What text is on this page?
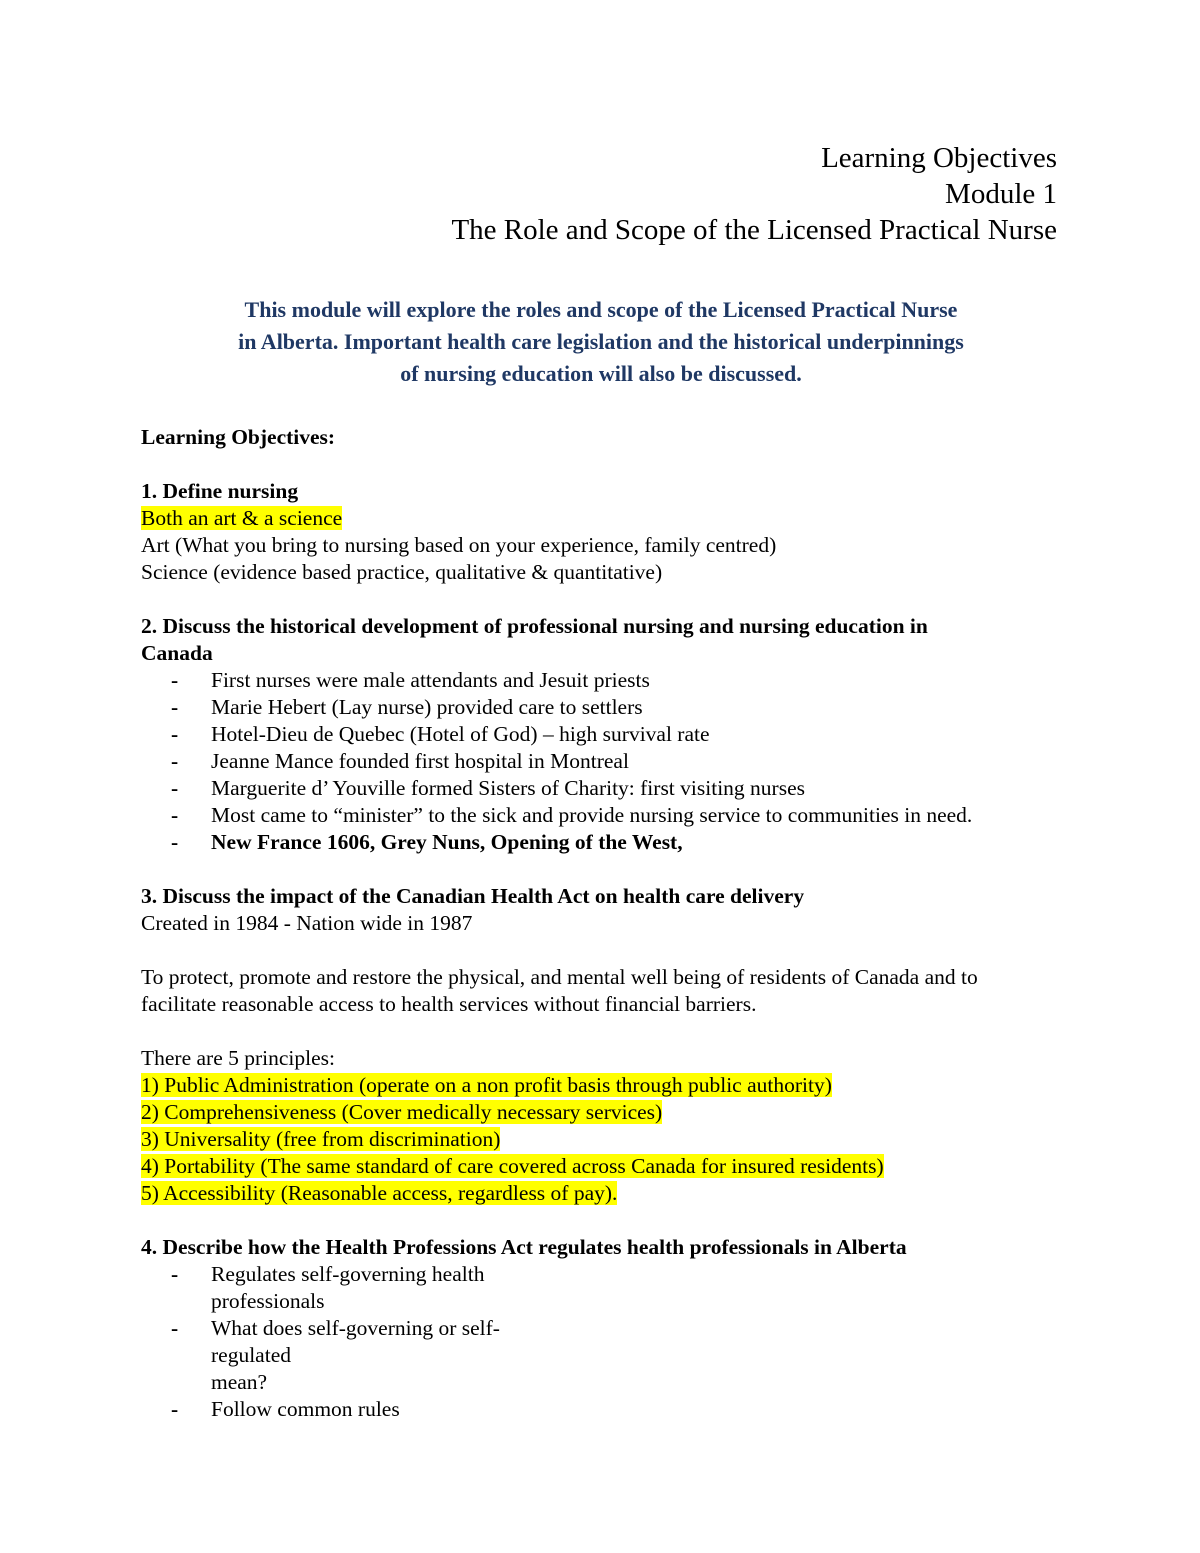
Learning Objectives
Module 1
The Role and Scope of the Licensed Practical Nurse
This module will explore the roles and scope of the Licensed Practical Nurse
in Alberta. Important health care legislation and the historical underpinnings
of nursing education will also be discussed.
Learning Objectives:
1. Define nursing
Both an art & a science
Art (What you bring to nursing based on your experience, family centred)
Science (evidence based practice, qualitative & quantitative)
2. Discuss the historical development of professional nursing and nursing education in
Canada
- First nurses were male attendants and Jesuit priests
- Marie Hebert (Lay nurse) provided care to settlers
- Hotel-Dieu de Quebec (Hotel of God) – high survival rate
- Jeanne Mance founded first hospital in Montreal
- Marguerite d’ Youville formed Sisters of Charity: first visiting nurses
- Most came to “minister” to the sick and provide nursing service to communities in need.
- New France 1606, Grey Nuns, Opening of the West,
3. Discuss the impact of the Canadian Health Act on health care delivery
Created in 1984 - Nation wide in 1987
To protect, promote and restore the physical, and mental well being of residents of Canada and to
facilitate reasonable access to health services without financial barriers.
There are 5 principles:
1) Public Administration (operate on a non profit basis through public authority)
2) Comprehensiveness (Cover medically necessary services)
3) Universality (free from discrimination)
4) Portability (The same standard of care covered across Canada for insured residents)
5) Accessibility (Reasonable access, regardless of pay).
4. Describe how the Health Professions Act regulates health professionals in Alberta
- Regulates self-governing health
professionals
- What does self-governing or self-regulated
mean?
- Follow common rules
